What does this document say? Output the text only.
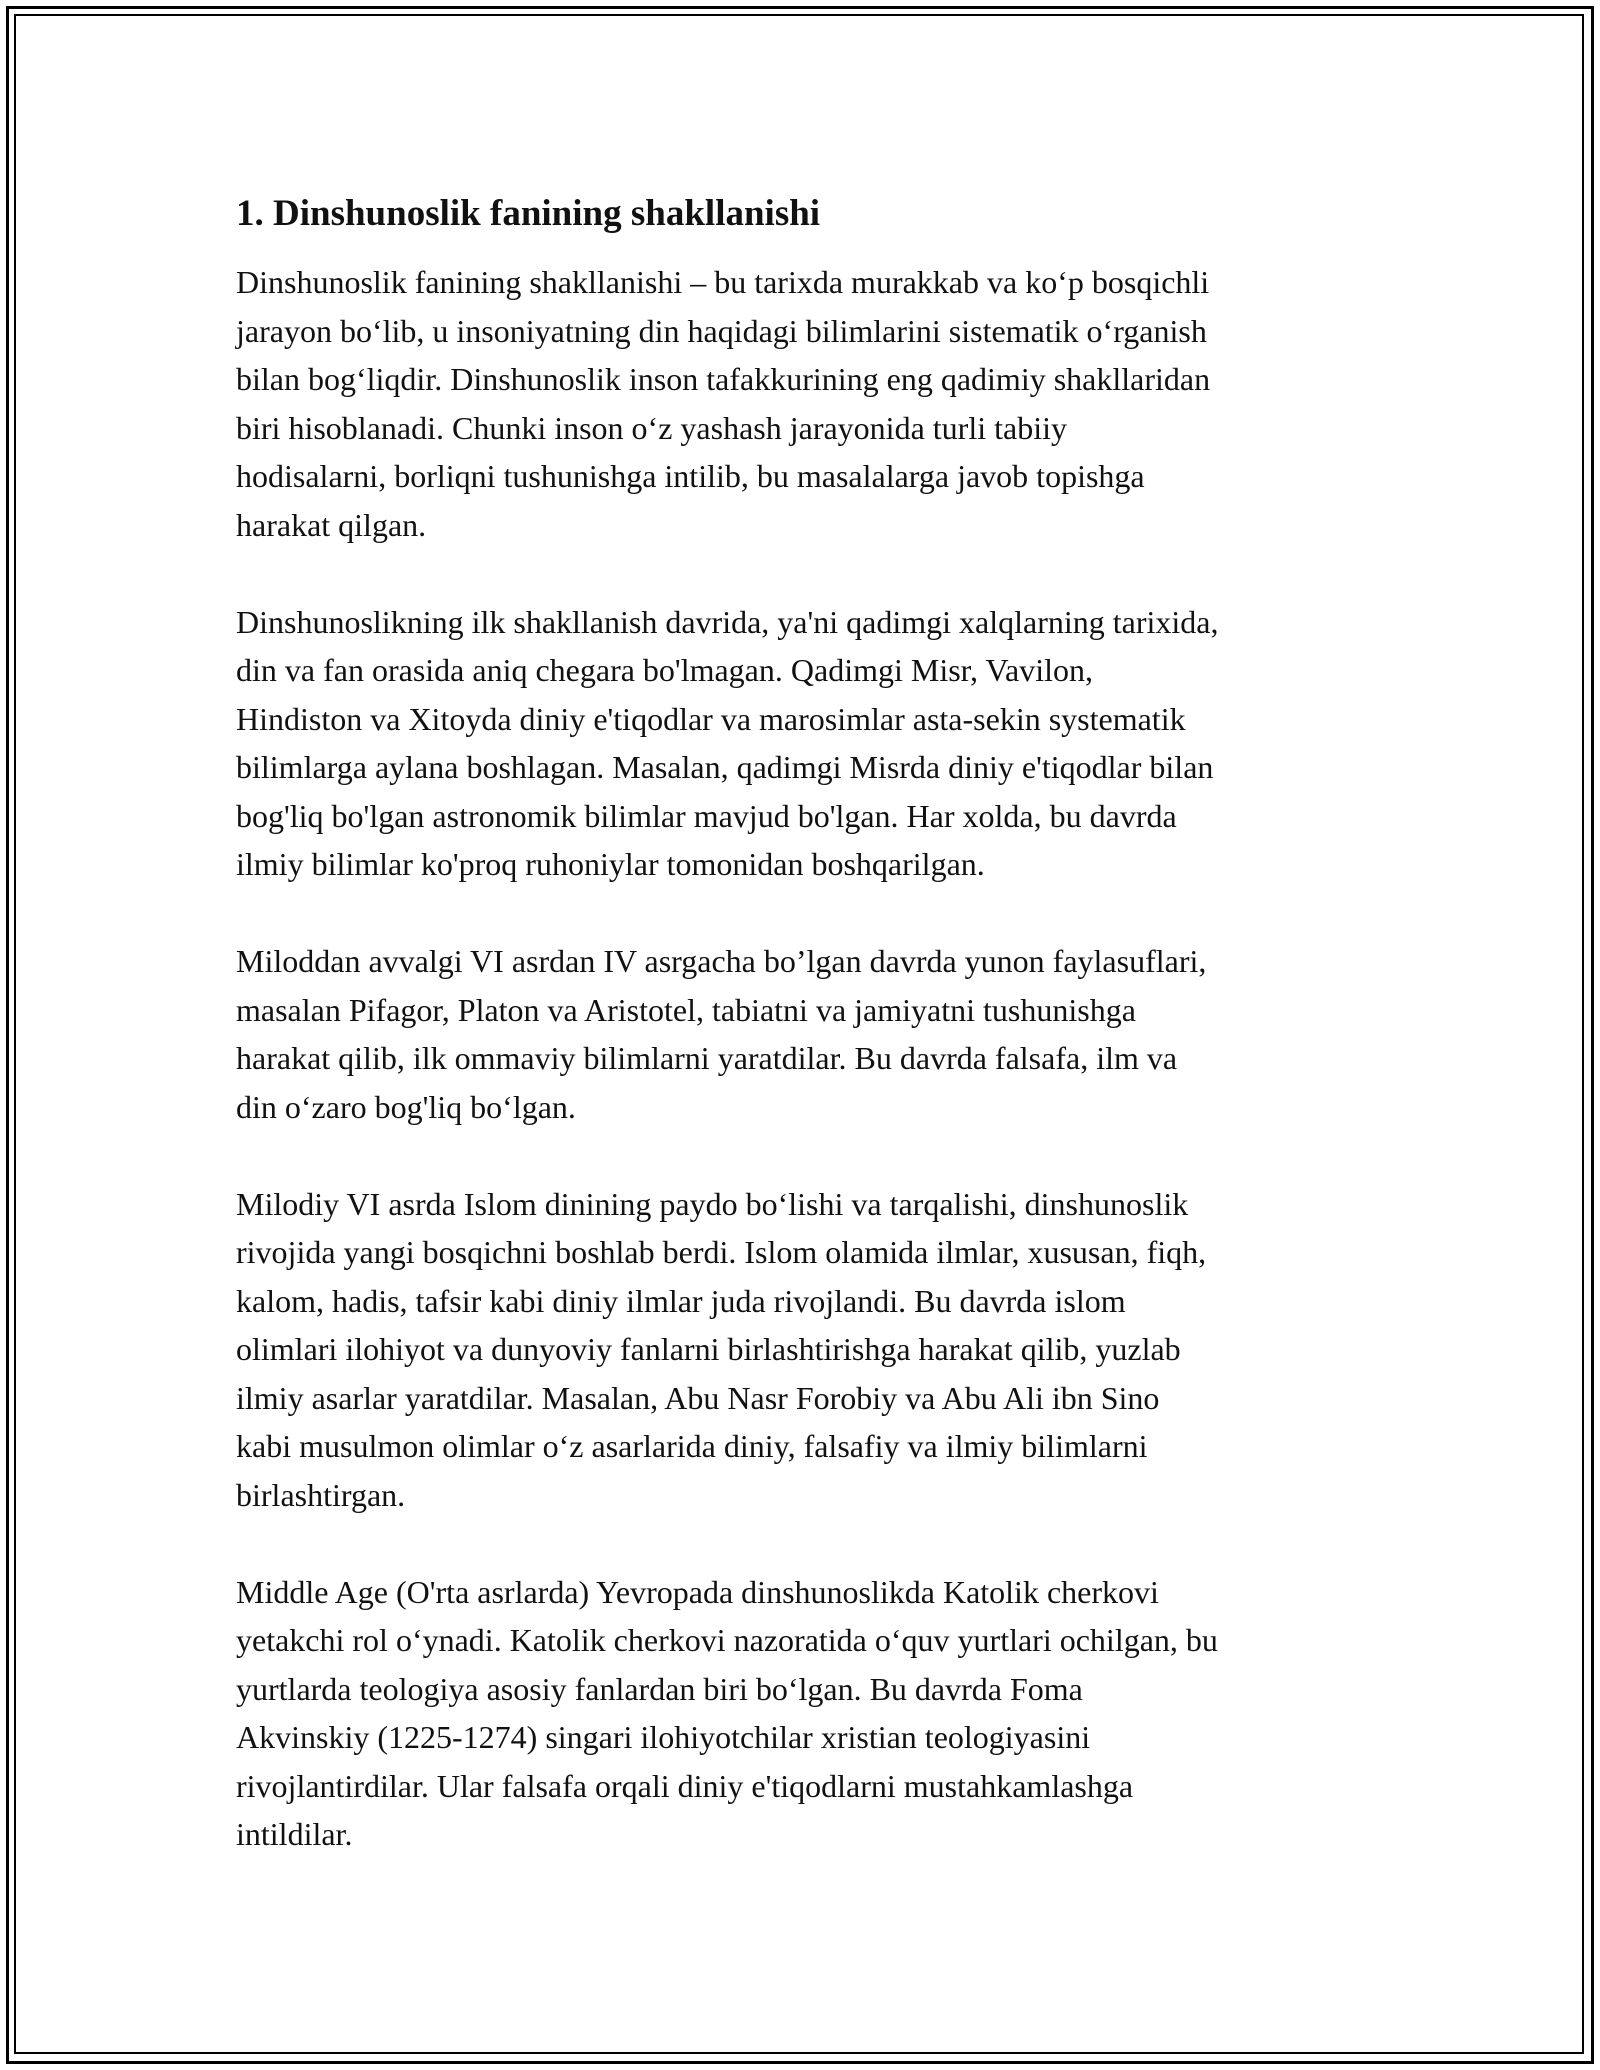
1. Dinshunoslik fanining shakllanishi

Dinshunoslik fanining shakllanishi – bu tarixda murakkab va ko‘p bosqichli
jarayon bo‘lib, u insoniyatning din haqidagi bilimlarini sistematik o‘rganish
bilan bog‘liqdir. Dinshunoslik inson tafakkurining eng qadimiy shakllaridan
biri hisoblanadi. Chunki inson o‘z yashash jarayonida turli tabiiy
hodisalarni, borliqni tushunishga intilib, bu masalalarga javob topishga
harakat qilgan.

Dinshunoslikning ilk shakllanish davrida, ya'ni qadimgi xalqlarning tarixida,
din va fan orasida aniq chegara bo'lmagan. Qadimgi Misr, Vavilon,
Hindiston va Xitoyda diniy e'tiqodlar va marosimlar asta-sekin systematik
bilimlarga aylana boshlagan. Masalan, qadimgi Misrda diniy e'tiqodlar bilan
bog'liq bo'lgan astronomik bilimlar mavjud bo'lgan. Har xolda, bu davrda
ilmiy bilimlar ko'proq ruhoniylar tomonidan boshqarilgan.

Miloddan avvalgi VI asrdan IV asrgacha bo’lgan davrda yunon faylasuflari,
masalan Pifagor, Platon va Aristotel, tabiatni va jamiyatni tushunishga
harakat qilib, ilk ommaviy bilimlarni yaratdilar. Bu davrda falsafa, ilm va
din o‘zaro bog'liq bo‘lgan.

Milodiy VI asrda Islom dinining paydo bo‘lishi va tarqalishi, dinshunoslik
rivojida yangi bosqichni boshlab berdi. Islom olamida ilmlar, xususan, fiqh,
kalom, hadis, tafsir kabi diniy ilmlar juda rivojlandi. Bu davrda islom
olimlari ilohiyot va dunyoviy fanlarni birlashtirishga harakat qilib, yuzlab
ilmiy asarlar yaratdilar. Masalan, Abu Nasr Forobiy va Abu Ali ibn Sino
kabi musulmon olimlar o‘z asarlarida diniy, falsafiy va ilmiy bilimlarni
birlashtirgan.

Middle Age (O'rta asrlarda) Yevropada dinshunoslikda Katolik cherkovi
yetakchi rol o‘ynadi. Katolik cherkovi nazoratida o‘quv yurtlari ochilgan, bu
yurtlarda teologiya asosiy fanlardan biri bo‘lgan. Bu davrda Foma
Akvinskiy (1225-1274) singari ilohiyotchilar xristian teologiyasini
rivojlantirdilar. Ular falsafa orqali diniy e'tiqodlarni mustahkamlashga
intildilar.
